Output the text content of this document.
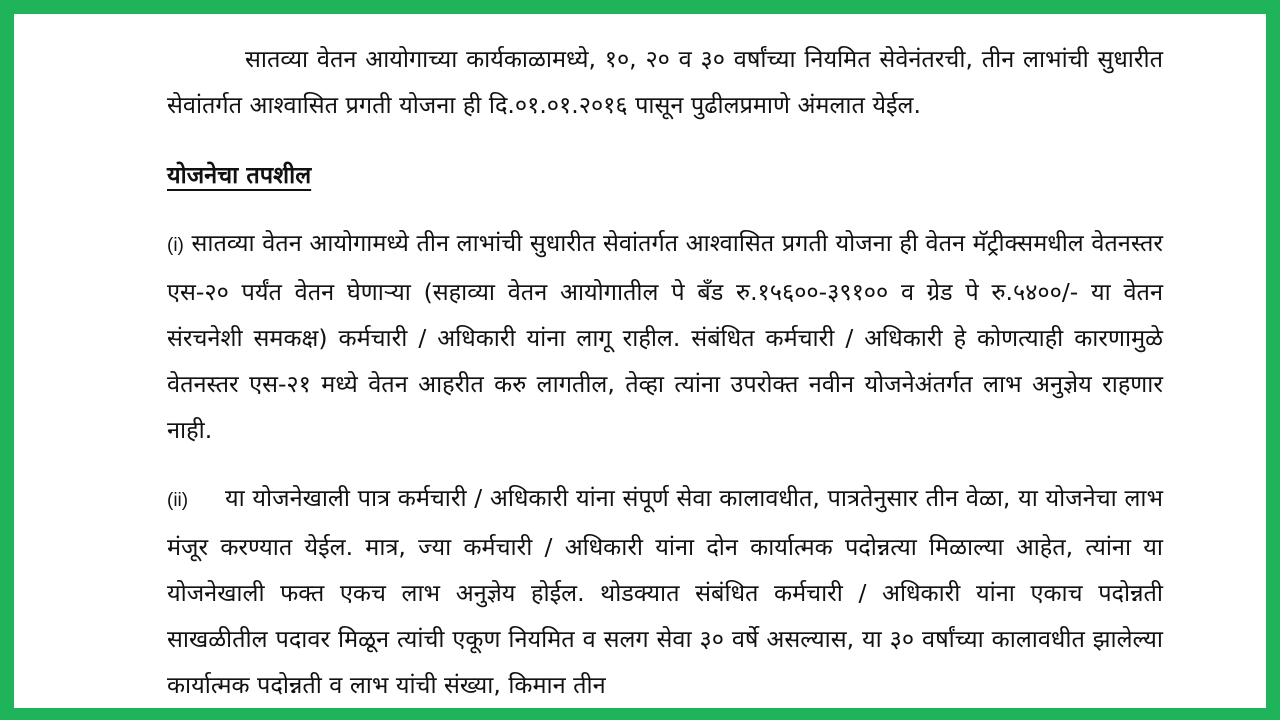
सातव्या वेतन आयोगाच्या कार्यकाळामध्ये, १०, २० व ३० वर्षांच्या नियमित सेवेनंतरची, तीन लाभांची सुधारीत सेवांतर्गत आश्वासित प्रगती योजना ही दि.०१.०१.२०१६ पासून पुढीलप्रमाणे अंमलात येईल.

योजनेचा तपशील

(i) सातव्या वेतन आयोगामध्ये तीन लाभांची सुधारीत सेवांतर्गत आश्वासित प्रगती योजना ही वेतन मॅट्रीक्समधील वेतनस्तर एस-२० पर्यंत वेतन घेणाऱ्या (सहाव्या वेतन आयोगातील पे बँड रु.१५६००-३९१०० व ग्रेड पे रु.५४००/- या वेतन संरचनेशी समकक्ष) कर्मचारी / अधिकारी यांना लागू राहील. संबंधित कर्मचारी / अधिकारी हे कोणत्याही कारणामुळे वेतनस्तर एस-२१ मध्ये वेतन आहरीत करु लागतील, तेव्हा त्यांना उपरोक्त नवीन योजनेअंतर्गत लाभ अनुज्ञेय राहणार नाही.

(ii) या योजनेखाली पात्र कर्मचारी / अधिकारी यांना संपूर्ण सेवा कालावधीत, पात्रतेनुसार तीन वेळा, या योजनेचा लाभ मंजूर करण्यात येईल. मात्र, ज्या कर्मचारी / अधिकारी यांना दोन कार्यात्मक पदोन्नत्या मिळाल्या आहेत, त्यांना या योजनेखाली फक्त एकच लाभ अनुज्ञेय होईल. थोडक्यात संबंधित कर्मचारी / अधिकारी यांना एकाच पदोन्नती साखळीतील पदावर मिळून त्यांची एकूण नियमित व सलग सेवा ३० वर्षे असल्यास, या ३० वर्षांच्या कालावधीत झालेल्या कार्यात्मक पदोन्नती व लाभ यांची संख्या, किमान तीन
